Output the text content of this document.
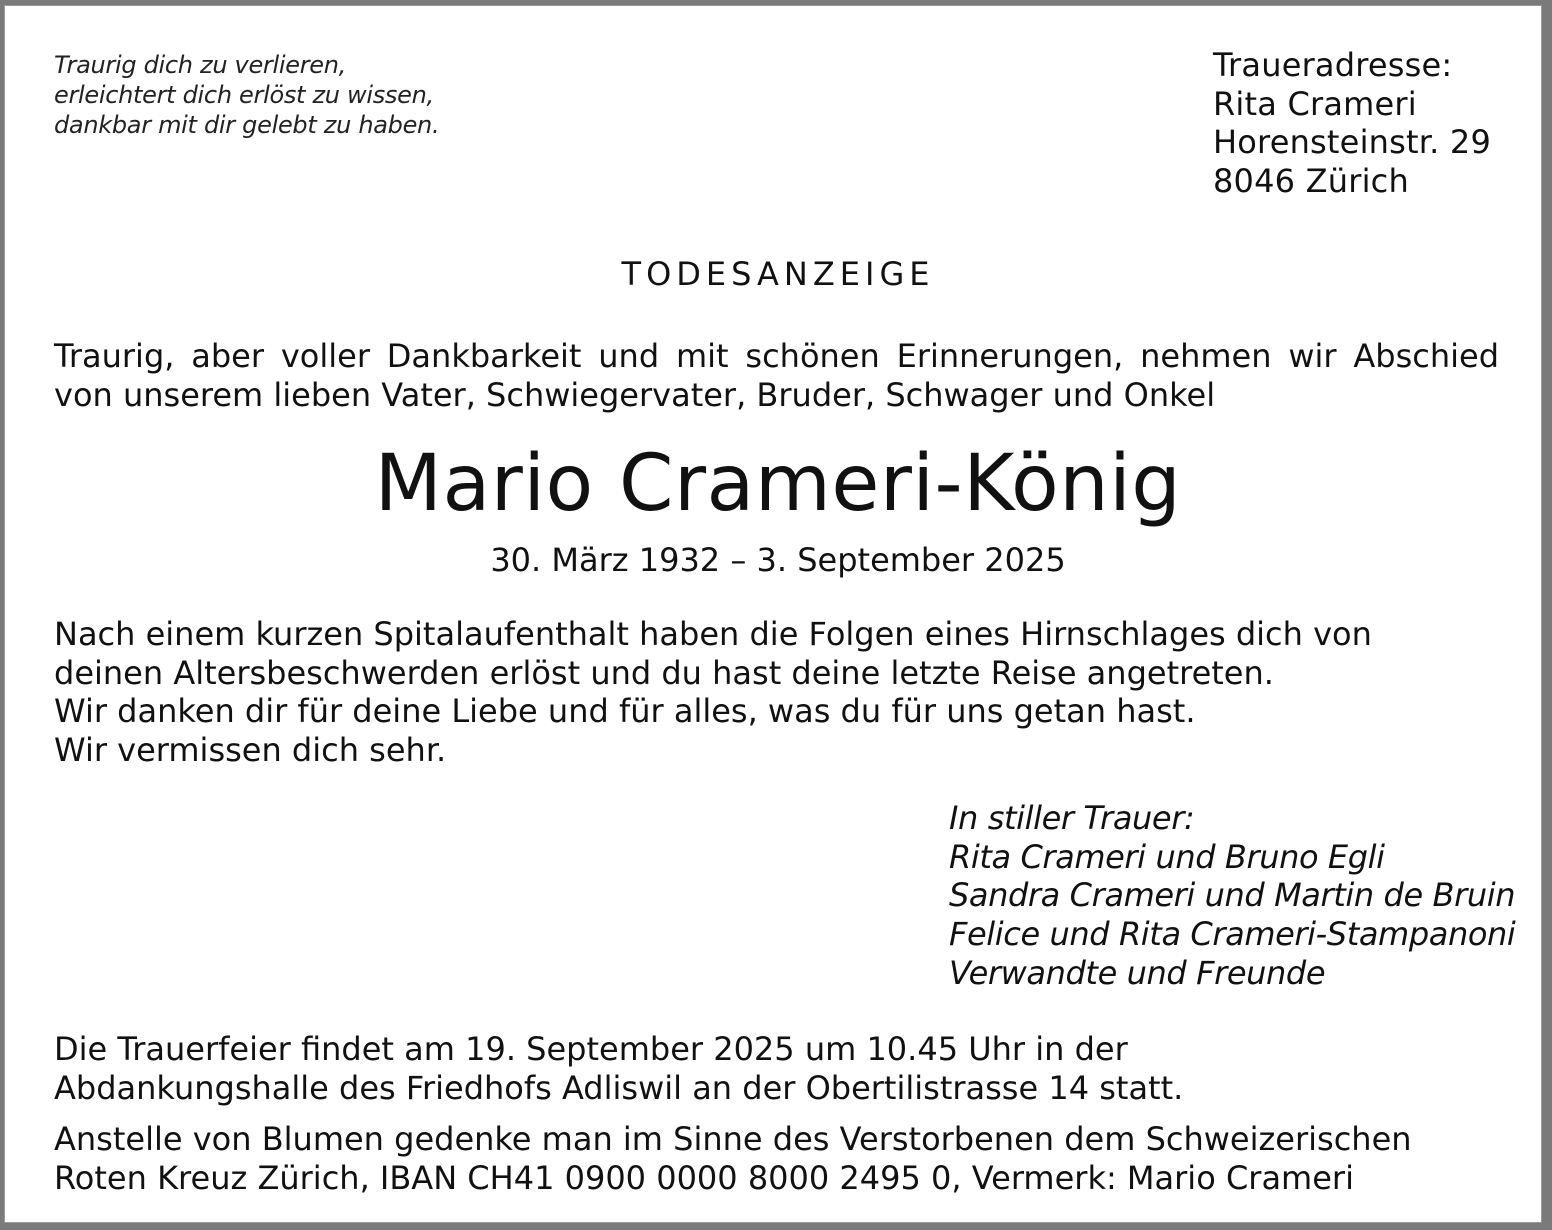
Traurig dich zu verlieren,
erleichtert dich erlöst zu wissen,
dankbar mit dir gelebt zu haben.
Traueradresse:
Rita Crameri
Horensteinstr. 29
8046 Zürich
TODESANZEIGE
Traurig, aber voller Dankbarkeit und mit schönen Erinnerungen, nehmen wir Abschied
von unserem lieben Vater, Schwiegervater, Bruder, Schwager und Onkel
Mario Crameri-König
30. März 1932 – 3. September 2025
Nach einem kurzen Spitalaufenthalt haben die Folgen eines Hirnschlages dich von
deinen Altersbeschwerden erlöst und du hast deine letzte Reise angetreten.
Wir danken dir für deine Liebe und für alles, was du für uns getan hast.
Wir vermissen dich sehr.
In stiller Trauer:
Rita Crameri und Bruno Egli
Sandra Crameri und Martin de Bruin
Felice und Rita Crameri-Stampanoni
Verwandte und Freunde
Die Trauerfeier findet am 19. September 2025 um 10.45 Uhr in der
Abdankungshalle des Friedhofs Adliswil an der Obertilistrasse 14 statt.
Anstelle von Blumen gedenke man im Sinne des Verstorbenen dem Schweizerischen
Roten Kreuz Zürich, IBAN CH41 0900 0000 8000 2495 0, Vermerk: Mario Crameri
